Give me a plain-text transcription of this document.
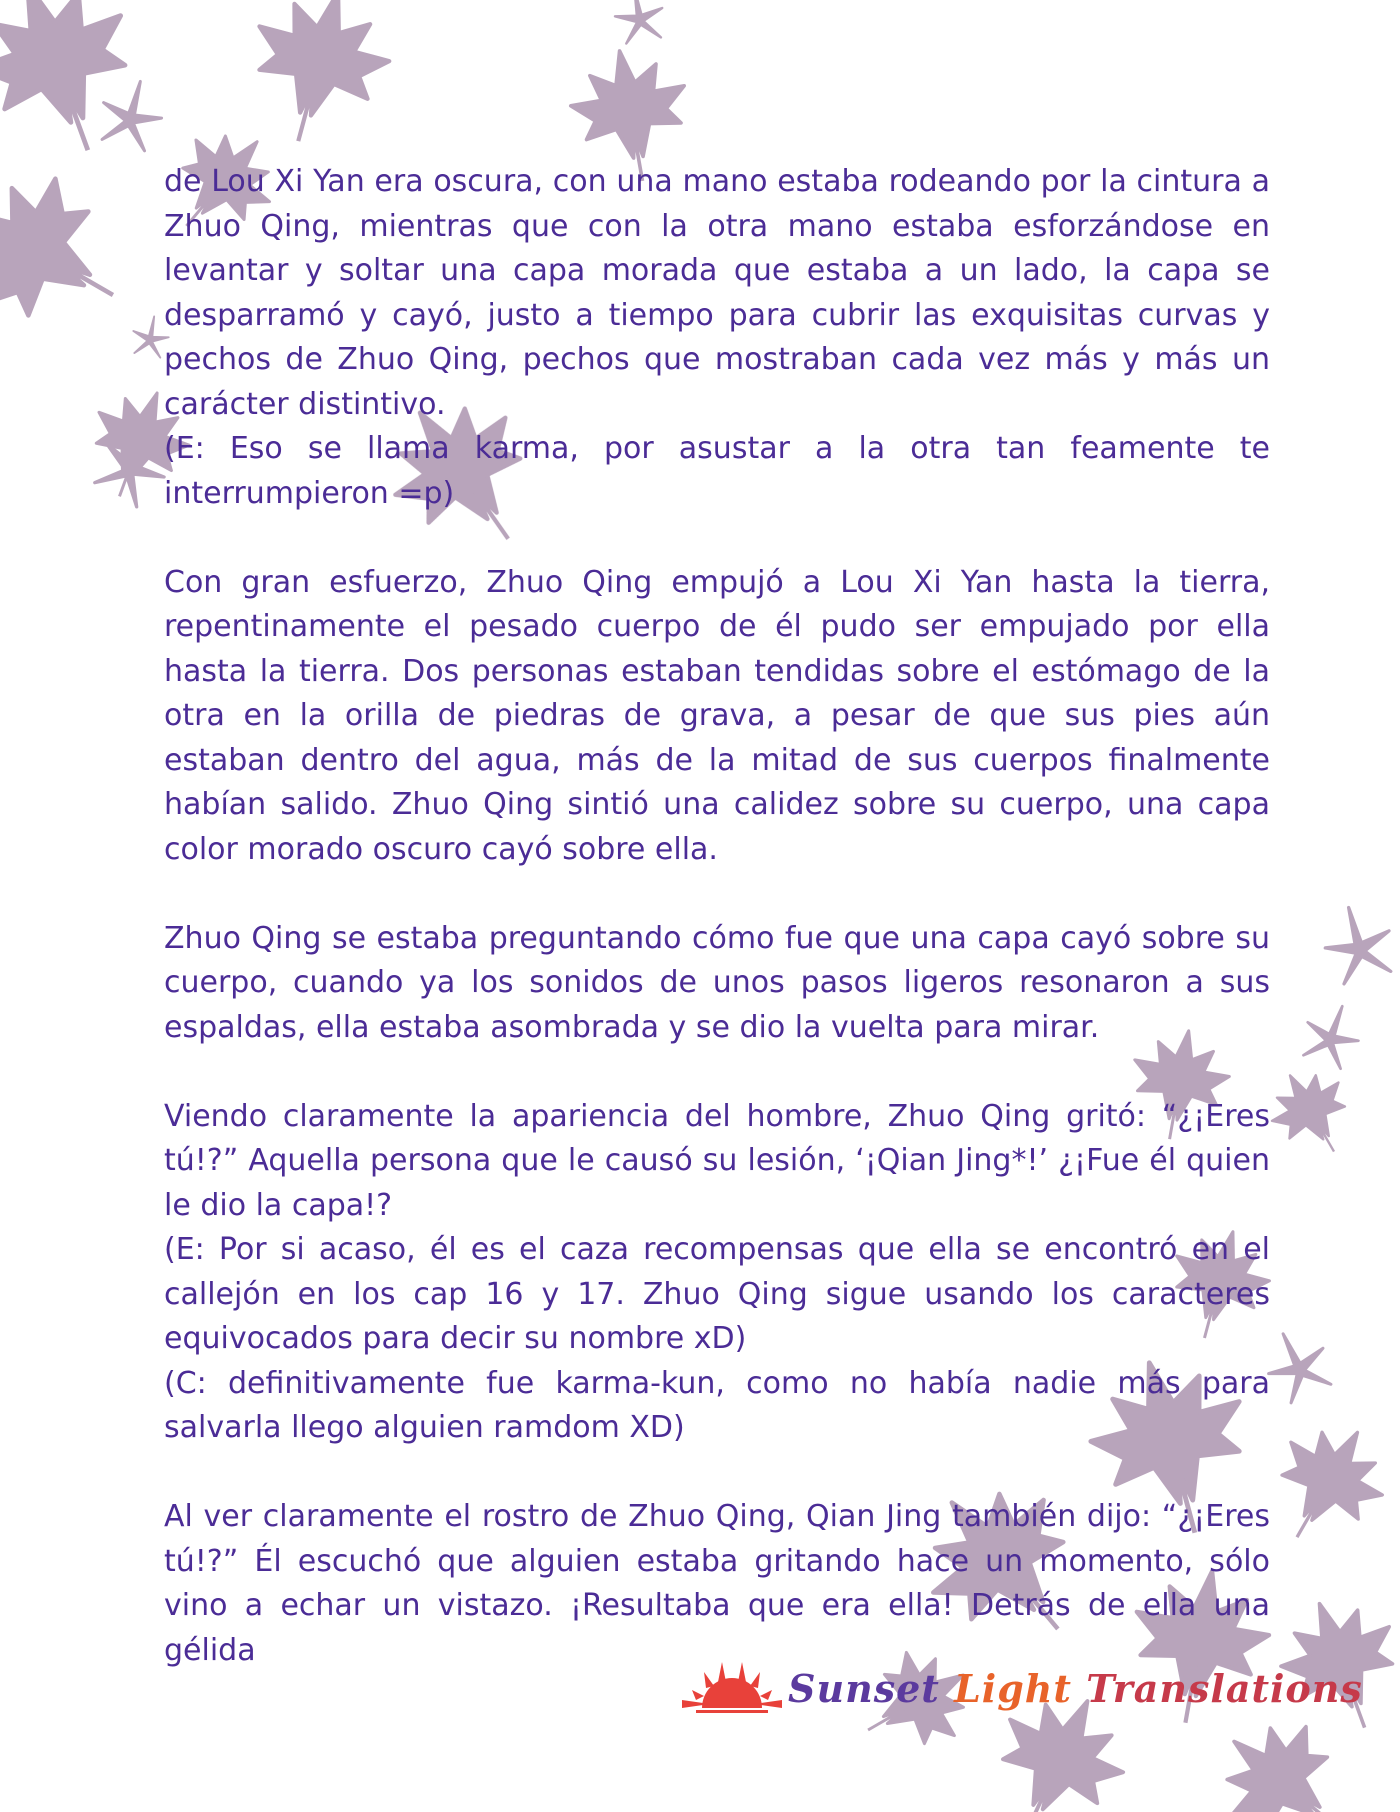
de Lou Xi Yan era oscura, con una mano estaba rodeando por la cintura a Zhuo Qing, mientras que con la otra mano estaba esforzándose en levantar y soltar una capa morada que estaba a un lado, la capa se desparramó y cayó, justo a tiempo para cubrir las exquisitas curvas y pechos de Zhuo Qing, pechos que mostraban cada vez más y más un carácter distintivo.
(E: Eso se llama karma, por asustar a la otra tan feamente te interrumpieron =p)

Con gran esfuerzo, Zhuo Qing empujó a Lou Xi Yan hasta la tierra, repentinamente el pesado cuerpo de él pudo ser empujado por ella hasta la tierra. Dos personas estaban tendidas sobre el estómago de la otra en la orilla de piedras de grava, a pesar de que sus pies aún estaban dentro del agua, más de la mitad de sus cuerpos finalmente habían salido. Zhuo Qing sintió una calidez sobre su cuerpo, una capa color morado oscuro cayó sobre ella.

Zhuo Qing se estaba preguntando cómo fue que una capa cayó sobre su cuerpo, cuando ya los sonidos de unos pasos ligeros resonaron a sus espaldas, ella estaba asombrada y se dio la vuelta para mirar.

Viendo claramente la apariencia del hombre, Zhuo Qing gritó: “¿¡Eres tú!?” Aquella persona que le causó su lesión, ‘¡Qian Jing*!’ ¿¡Fue él quien le dio la capa!?
(E: Por si acaso, él es el caza recompensas que ella se encontró en el callejón en los cap 16 y 17. Zhuo Qing sigue usando los caracteres equivocados para decir su nombre xD)
(C: definitivamente fue karma-kun, como no había nadie más para salvarla llego alguien ramdom XD)

Al ver claramente el rostro de Zhuo Qing, Qian Jing también dijo: “¿¡Eres tú!?” Él escuchó que alguien estaba gritando hace un momento, sólo vino a echar un vistazo. ¡Resultaba que era ella! Detrás de ella una gélida

Sunset Light Translations
